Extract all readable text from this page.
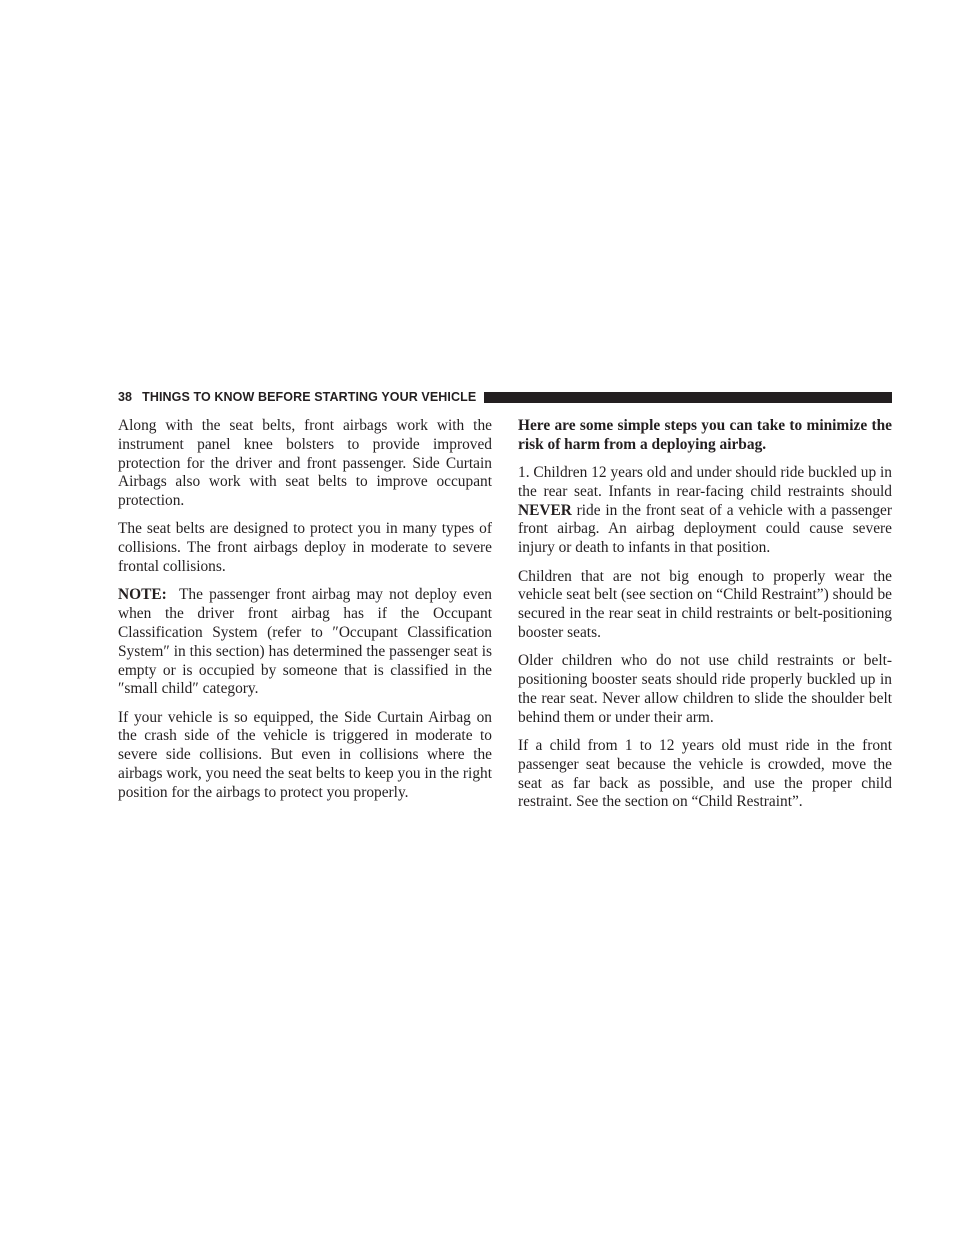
38 THINGS TO KNOW BEFORE STARTING YOUR VEHICLE

Along with the seat belts, front airbags work with the instrument panel knee bolsters to provide improved protection for the driver and front passenger. Side Curtain Airbags also work with seat belts to improve occupant protection.

The seat belts are designed to protect you in many types of collisions. The front airbags deploy in moderate to severe frontal collisions.

NOTE: The passenger front airbag may not deploy even when the driver front airbag has if the Occupant Classification System (refer to ″Occupant Classification System″ in this section) has determined the passenger seat is empty or is occupied by someone that is classified in the ″small child″ category.

If your vehicle is so equipped, the Side Curtain Airbag on the crash side of the vehicle is triggered in moderate to severe side collisions. But even in collisions where the airbags work, you need the seat belts to keep you in the right position for the airbags to protect you properly.

Here are some simple steps you can take to minimize the risk of harm from a deploying airbag.

1. Children 12 years old and under should ride buckled up in the rear seat. Infants in rear-facing child restraints should NEVER ride in the front seat of a vehicle with a passenger front airbag. An airbag deployment could cause severe injury or death to infants in that position.

Children that are not big enough to properly wear the vehicle seat belt (see section on “Child Restraint”) should be secured in the rear seat in child restraints or belt-positioning booster seats.

Older children who do not use child restraints or belt-positioning booster seats should ride properly buckled up in the rear seat. Never allow children to slide the shoulder belt behind them or under their arm.

If a child from 1 to 12 years old must ride in the front passenger seat because the vehicle is crowded, move the seat as far back as possible, and use the proper child restraint. See the section on “Child Restraint”.
